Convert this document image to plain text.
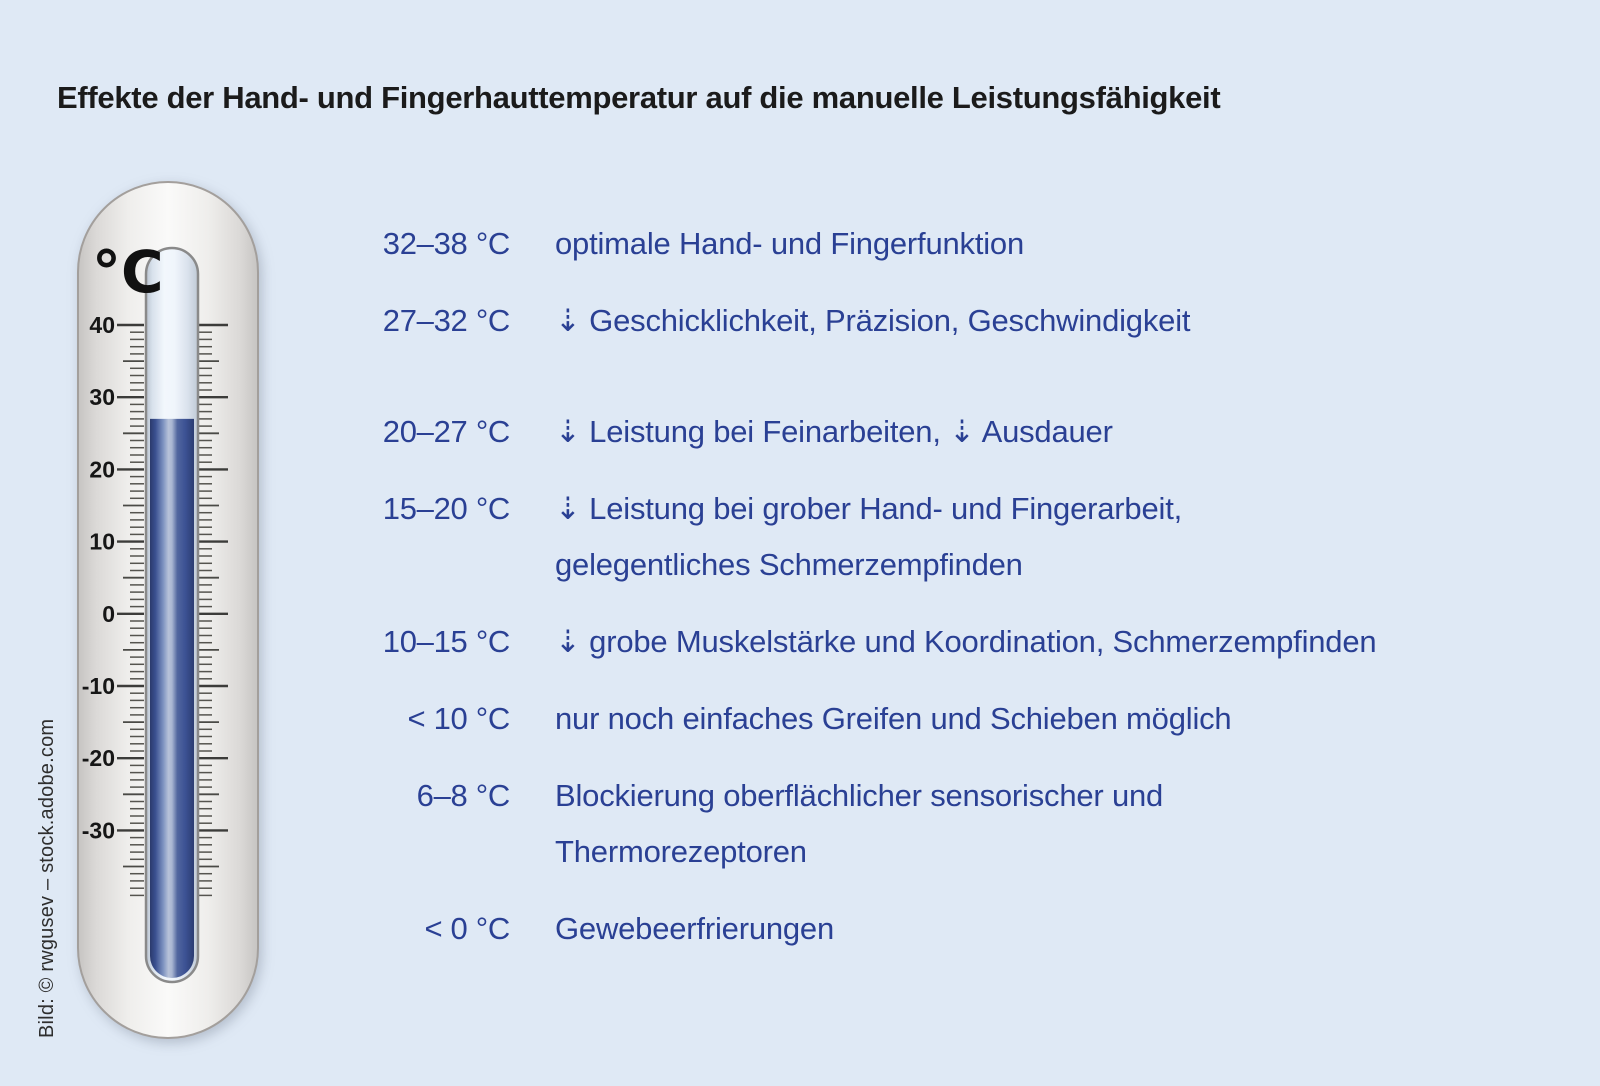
Effekte der Hand- und Fingerhauttemperatur auf die manuelle Leistungsfähigkeit
Bild: © rwgusev – stock.adobe.com
40
30
20
10
0
-10
-20
-30
°C	32–38 °C optimale Hand- und Fingerfunktion
27–32 °C ⇣ Geschicklichkeit, Präzision, Geschwindigkeit
20–27 °C ⇣ Leistung bei Feinarbeiten, ⇣ Ausdauer
15–20 °C ⇣ Leistung bei grober Hand- und Fingerarbeit,
gelegentliches Schmerzempfinden
10–15 °C ⇣ grobe Muskelstärke und Koordination, Schmerzempfinden
< 10 °C nur noch einfaches Greifen und Schieben möglich
6–8 °C Blockierung oberflächlicher sensorischer und
Thermorezeptoren
< 0 °C Gewebeerfrierungen
